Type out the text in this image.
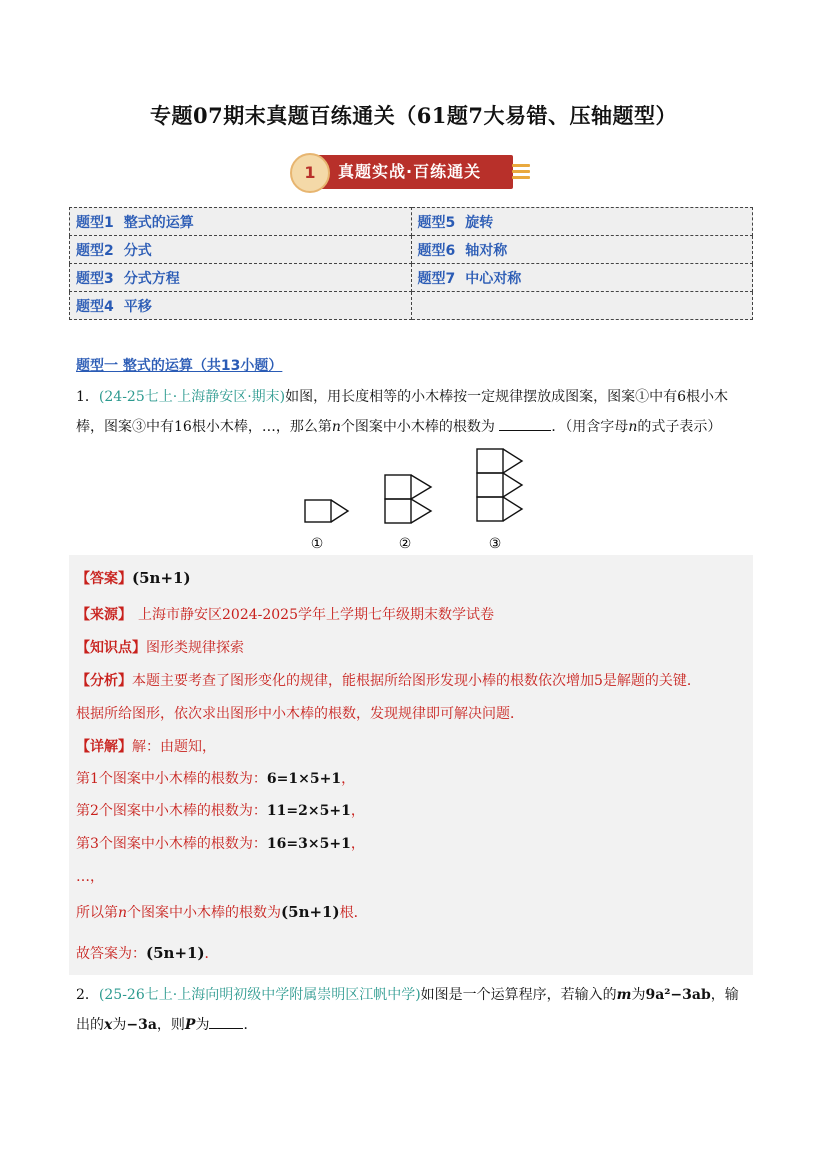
专题07期末真题百练通关（61题7大易错、压轴题型）
1	真题实战·百练通关
题型1 整式的运算	题型5 旋转
题型2 分式	题型6 轴对称
题型3 分式方程	题型7 中心对称
题型4 平移	
题型一 整式的运算（共13小题）
1．(24-25七上·上海静安区·期末)如图，用长度相等的小木棒按一定规律摆放成图案，图案①中有6根小木
棒，图案③中有16根小木棒，…，那么第n个图案中小木棒的根数为	．（用含字母n的式子表示）
①	②	③
【答案】(5n+1)
【来源】 上海市静安区2024-2025学年上学期七年级期末数学试卷
【知识点】图形类规律探索
【分析】本题主要考查了图形变化的规律，能根据所给图形发现小棒的根数依次增加5是解题的关键．
根据所给图形，依次求出图形中小木棒的根数，发现规律即可解决问题．
【详解】解：由题知，
第1个图案中小木棒的根数为：6=1×5+1，
第2个图案中小木棒的根数为：11=2×5+1，
第3个图案中小木棒的根数为：16=3×5+1，
…，
所以第n个图案中小木棒的根数为(5n+1)根．
故答案为：(5n+1)．
2．(25-26七上·上海向明初级中学附属崇明区江帆中学)如图是一个运算程序，若输入的m为9a²−3ab，输
出的x为−3a，则P为 ．
